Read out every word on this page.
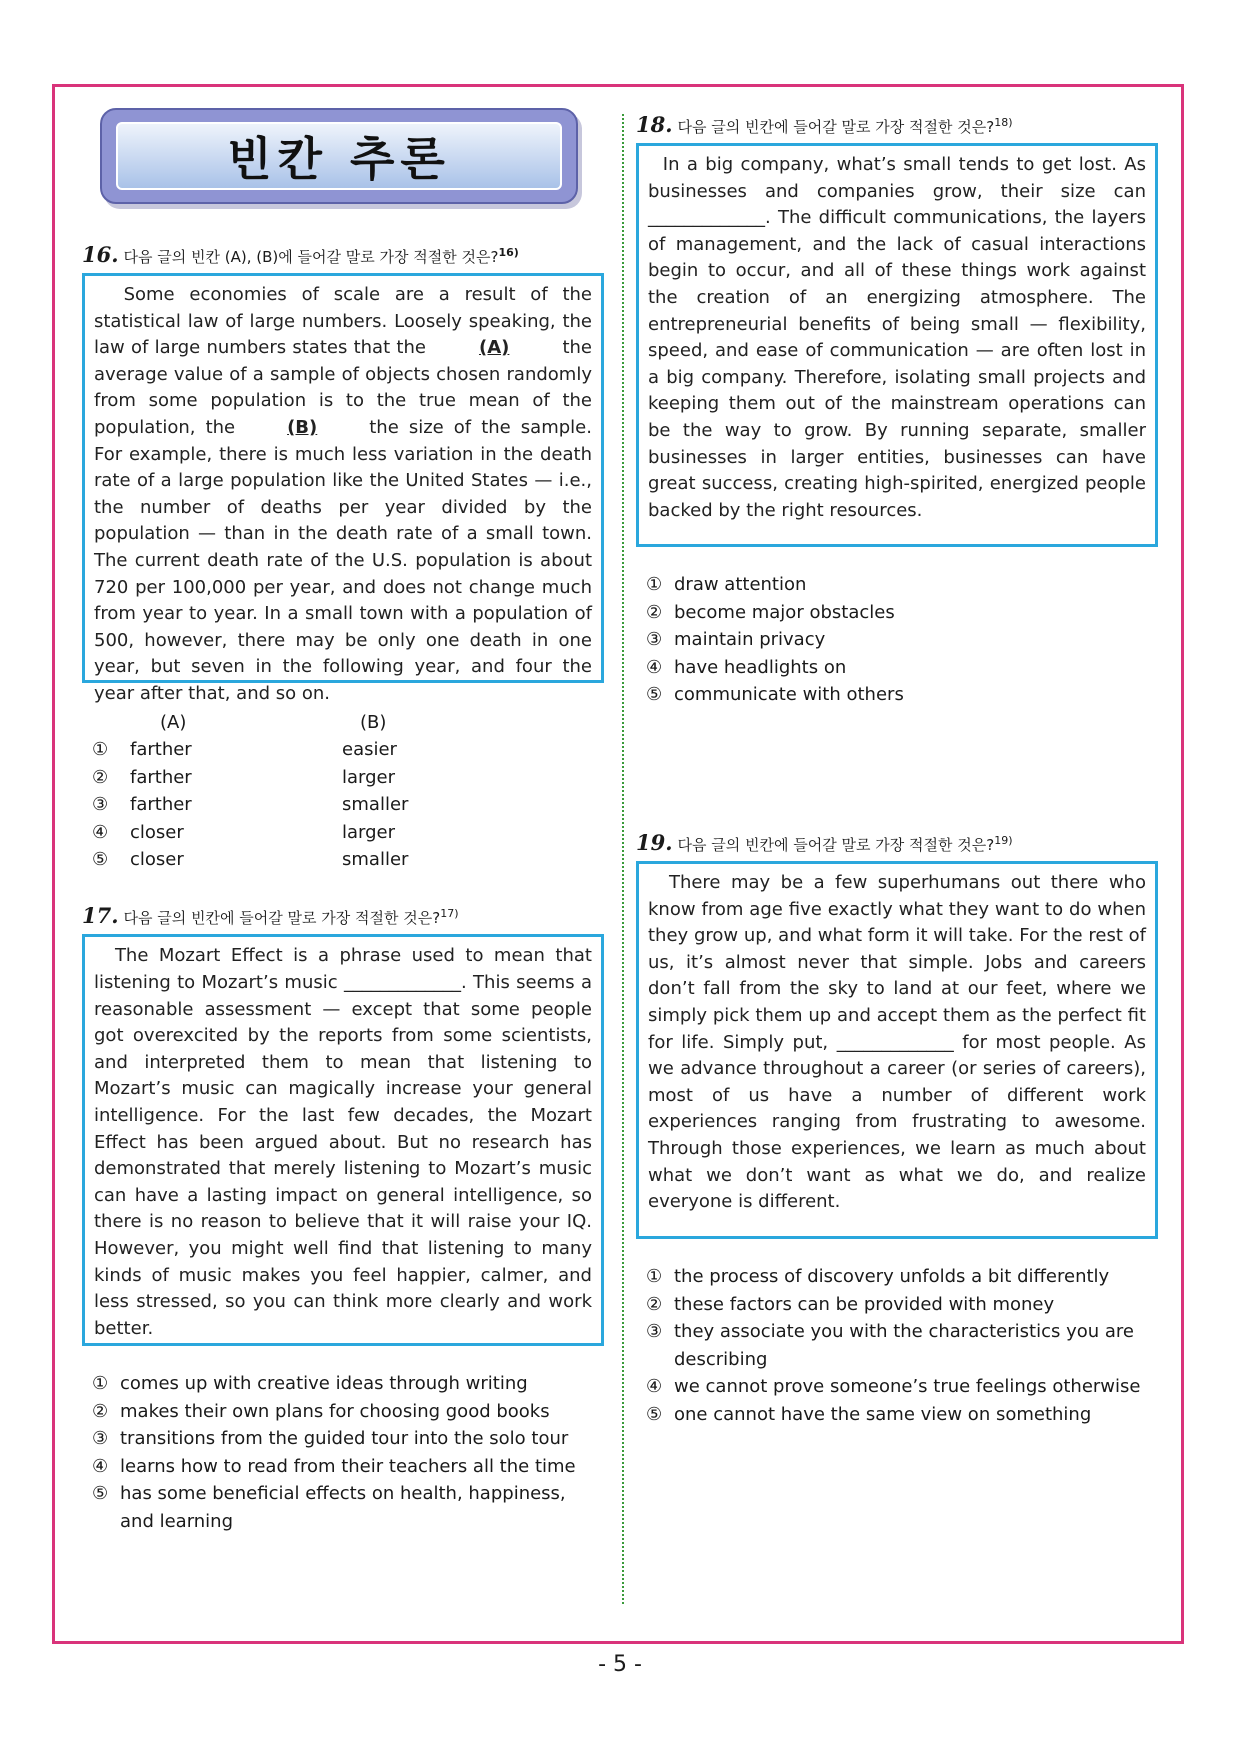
빈칸 추론
16. 다음 글의 빈칸 (A), (B)에 들어갈 말로 가장 적절한 것은?$^{16)}$
Some economies of scale are a result of the statistical law of large numbers. Loosely speaking, the law of large numbers states that the	(A)	the average value of a sample of objects chosen randomly from some population is to the true mean of the population, the	(B)	the size of the sample. For example, there is much less variation in the death rate of a large population like the United States — i.e., the number of deaths per year divided by the population — than in the death rate of a small town. The current death rate of the U.S. population is about 720 per 100,000 per year, and does not change much from year to year. In a small town with a population of 500, however, there may be only one death in one year, but seven in the following year, and four the year after that, and so on.
(A)	(B)
①	farther	easier
②	farther	larger
③	farther	smaller
④	closer	larger
⑤	closer	smaller
17. 다음 글의 빈칸에 들어갈 말로 가장 적절한 것은?$^{17)}$
The Mozart Effect is a phrase used to mean that listening to Mozart’s music _____________. This seems a reasonable assessment — except that some people got overexcited by the reports from some scientists, and interpreted them to mean that listening to Mozart’s music can magically increase your general intelligence. For the last few decades, the Mozart Effect has been argued about. But no research has demonstrated that merely listening to Mozart’s music can have a lasting impact on general intelligence, so there is no reason to believe that it will raise your IQ. However, you might well find that listening to many kinds of music makes you feel happier, calmer, and less stressed, so you can think more clearly and work better.
① comes up with creative ideas through writing
② makes their own plans for choosing good books
③ transitions from the guided tour into the solo tour
④ learns how to read from their teachers all the time
⑤ has some beneficial effects on health, happiness, and learning
18. 다음 글의 빈칸에 들어갈 말로 가장 적절한 것은?$^{18)}$
In a big company, what’s small tends to get lost. As businesses and companies grow, their size can _____________. The difficult communications, the layers of management, and the lack of casual interactions begin to occur, and all of these things work against the creation of an energizing atmosphere. The entrepreneurial benefits of being small — flexibility, speed, and ease of communication — are often lost in a big company. Therefore, isolating small projects and keeping them out of the mainstream operations can be the way to grow. By running separate, smaller businesses in larger entities, businesses can have great success, creating high-spirited, energized people backed by the right resources.
① draw attention
② become major obstacles
③ maintain privacy
④ have headlights on
⑤ communicate with others
19. 다음 글의 빈칸에 들어갈 말로 가장 적절한 것은?$^{19)}$
There may be a few superhumans out there who know from age five exactly what they want to do when they grow up, and what form it will take. For the rest of us, it’s almost never that simple. Jobs and careers don’t fall from the sky to land at our feet, where we simply pick them up and accept them as the perfect fit for life. Simply put, _____________ for most people. As we advance throughout a career (or series of careers), most of us have a number of different work experiences ranging from frustrating to awesome. Through those experiences, we learn as much about what we don’t want as what we do, and realize everyone is different.
① the process of discovery unfolds a bit differently
② these factors can be provided with money
③ they associate you with the characteristics you are describing
④ we cannot prove someone’s true feelings otherwise
⑤ one cannot have the same view on something
- 5 -
